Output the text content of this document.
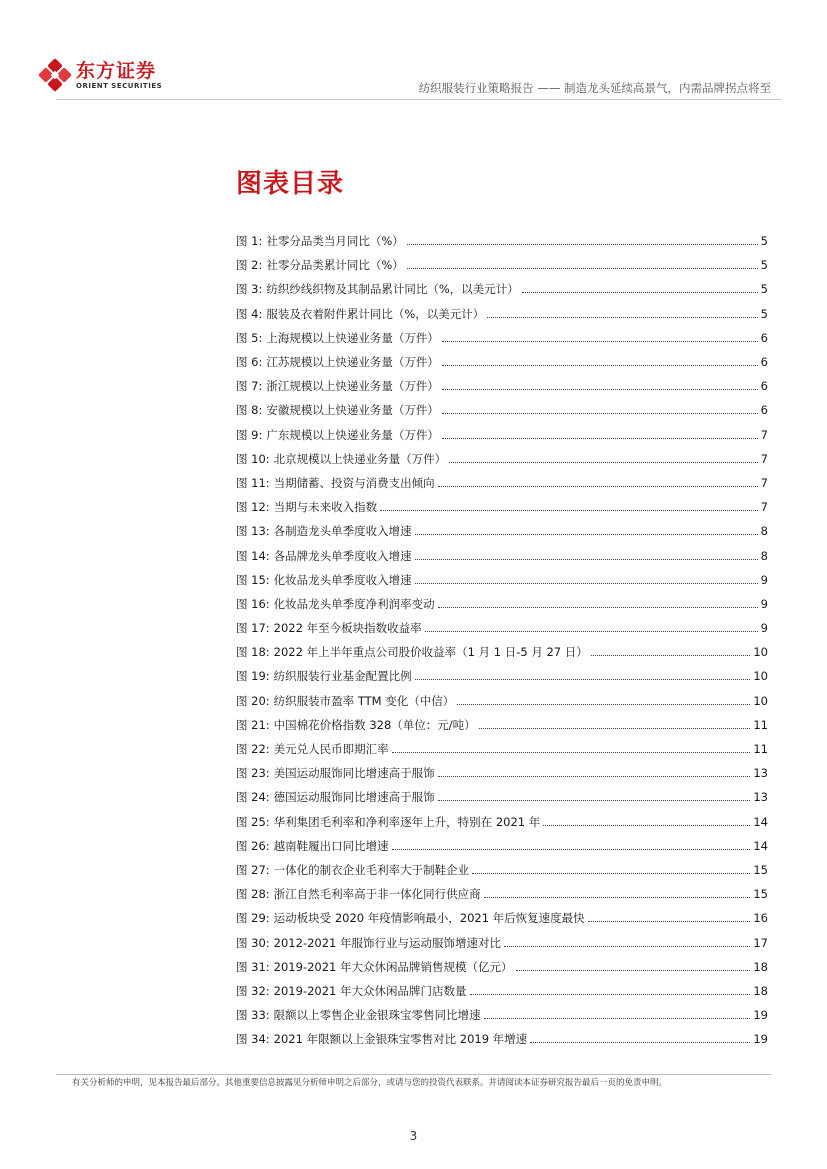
东方证券
ORIENT SECURITIES	纺织服装行业策略报告 —— 制造龙头延续高景气，内需品牌拐点将至
图表目录
图 1: 社零分品类当月同比（%）	5
图 2: 社零分品类累计同比（%）	5
图 3: 纺织纱线织物及其制品累计同比（%，以美元计）	5
图 4: 服装及衣着附件累计同比（%，以美元计）	5
图 5: 上海规模以上快递业务量（万件）	6
图 6: 江苏规模以上快递业务量（万件）	6
图 7: 浙江规模以上快递业务量（万件）	6
图 8: 安徽规模以上快递业务量（万件）	6
图 9: 广东规模以上快递业务量（万件）	7
图 10: 北京规模以上快递业务量（万件）	7
图 11: 当期储蓄、投资与消费支出倾向	7
图 12: 当期与未来收入指数	7
图 13: 各制造龙头单季度收入增速	8
图 14: 各品牌龙头单季度收入增速	8
图 15: 化妆品龙头单季度收入增速	9
图 16: 化妆品龙头单季度净利润率变动	9
图 17: 2022 年至今板块指数收益率	9
图 18: 2022 年上半年重点公司股价收益率（1 月 1 日-5 月 27 日）	10
图 19: 纺织服装行业基金配置比例	10
图 20: 纺织服装市盈率 TTM 变化（中信）	10
图 21: 中国棉花价格指数 328（单位：元/吨）	11
图 22: 美元兑人民币即期汇率	11
图 23: 美国运动服饰同比增速高于服饰	13
图 24: 德国运动服饰同比增速高于服饰	13
图 25: 华利集团毛利率和净利率逐年上升，特别在 2021 年	14
图 26: 越南鞋履出口同比增速	14
图 27: 一体化的制衣企业毛利率大于制鞋企业	15
图 28: 浙江自然毛利率高于非一体化同行供应商	15
图 29: 运动板块受 2020 年疫情影响最小，2021 年后恢复速度最快	16
图 30: 2012-2021 年服饰行业与运动服饰增速对比	17
图 31: 2019-2021 年大众休闲品牌销售规模（亿元）	18
图 32: 2019-2021 年大众休闲品牌门店数量	18
图 33: 限额以上零售企业金银珠宝零售同比增速	19
图 34: 2021 年限额以上金银珠宝零售对比 2019 年增速	19
有关分析师的申明，见本报告最后部分。其他重要信息披露见分析师申明之后部分，或请与您的投资代表联系。并请阅读本证券研究报告最后一页的免责申明。
3
